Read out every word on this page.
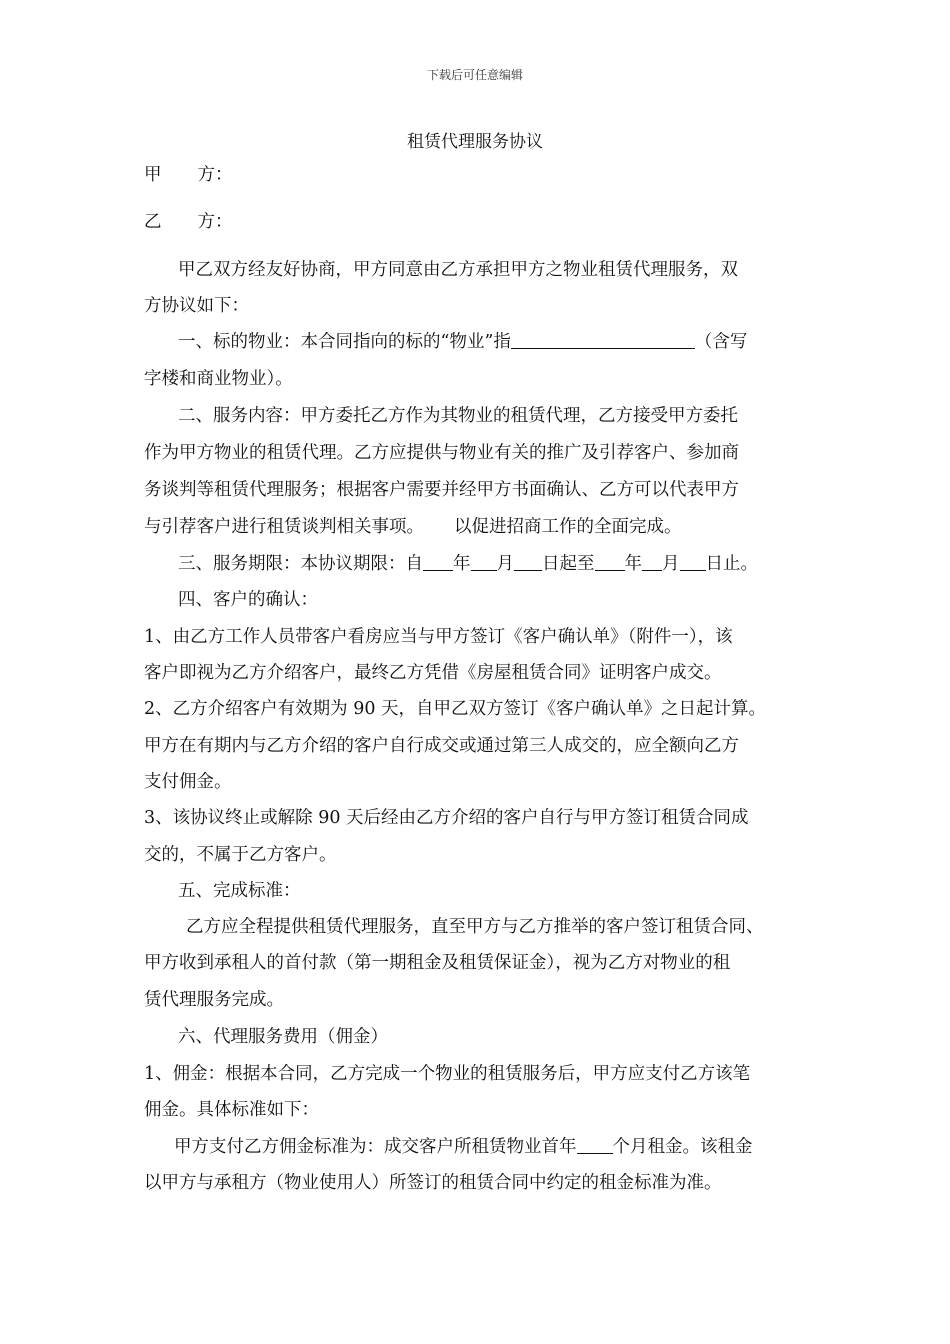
下载后可任意编辑
租赁代理服务协议
甲 方：
乙 方：
甲乙双方经友好协商，甲方同意由乙方承担甲方之物业租赁代理服务，双
方协议如下：
一、标的物业：本合同指向的标的“物业”指	（含写
字楼和商业物业）。
二、服务内容：甲方委托乙方作为其物业的租赁代理，乙方接受甲方委托
作为甲方物业的租赁代理。乙方应提供与物业有关的推广及引荐客户、参加商
务谈判等租赁代理服务；根据客户需要并经甲方书面确认、乙方可以代表甲方
与引荐客户进行租赁谈判相关事项。 以促进招商工作的全面完成。
三、服务期限：本协议期限：自 年 月 日起至 年 月 日止。
四、客户的确认：
1、由乙方工作人员带客户看房应当与甲方签订《客户确认单》（附件一），该
客户即视为乙方介绍客户，最终乙方凭借《房屋租赁合同》证明客户成交。
2、乙方介绍客户有效期为 90 天，自甲乙双方签订《客户确认单》之日起计算。
甲方在有期内与乙方介绍的客户自行成交或通过第三人成交的，应全额向乙方
支付佣金。
3、该协议终止或解除 90 天后经由乙方介绍的客户自行与甲方签订租赁合同成
交的，不属于乙方客户。
五、完成标准：
乙方应全程提供租赁代理服务，直至甲方与乙方推举的客户签订租赁合同、
甲方收到承租人的首付款（第一期租金及租赁保证金），视为乙方对物业的租
赁代理服务完成。
六、代理服务费用（佣金）
1、佣金：根据本合同，乙方完成一个物业的租赁服务后，甲方应支付乙方该笔
佣金。具体标准如下：
甲方支付乙方佣金标准为：成交客户所租赁物业首年 个月租金。该租金
以甲方与承租方（物业使用人）所签订的租赁合同中约定的租金标准为准。
